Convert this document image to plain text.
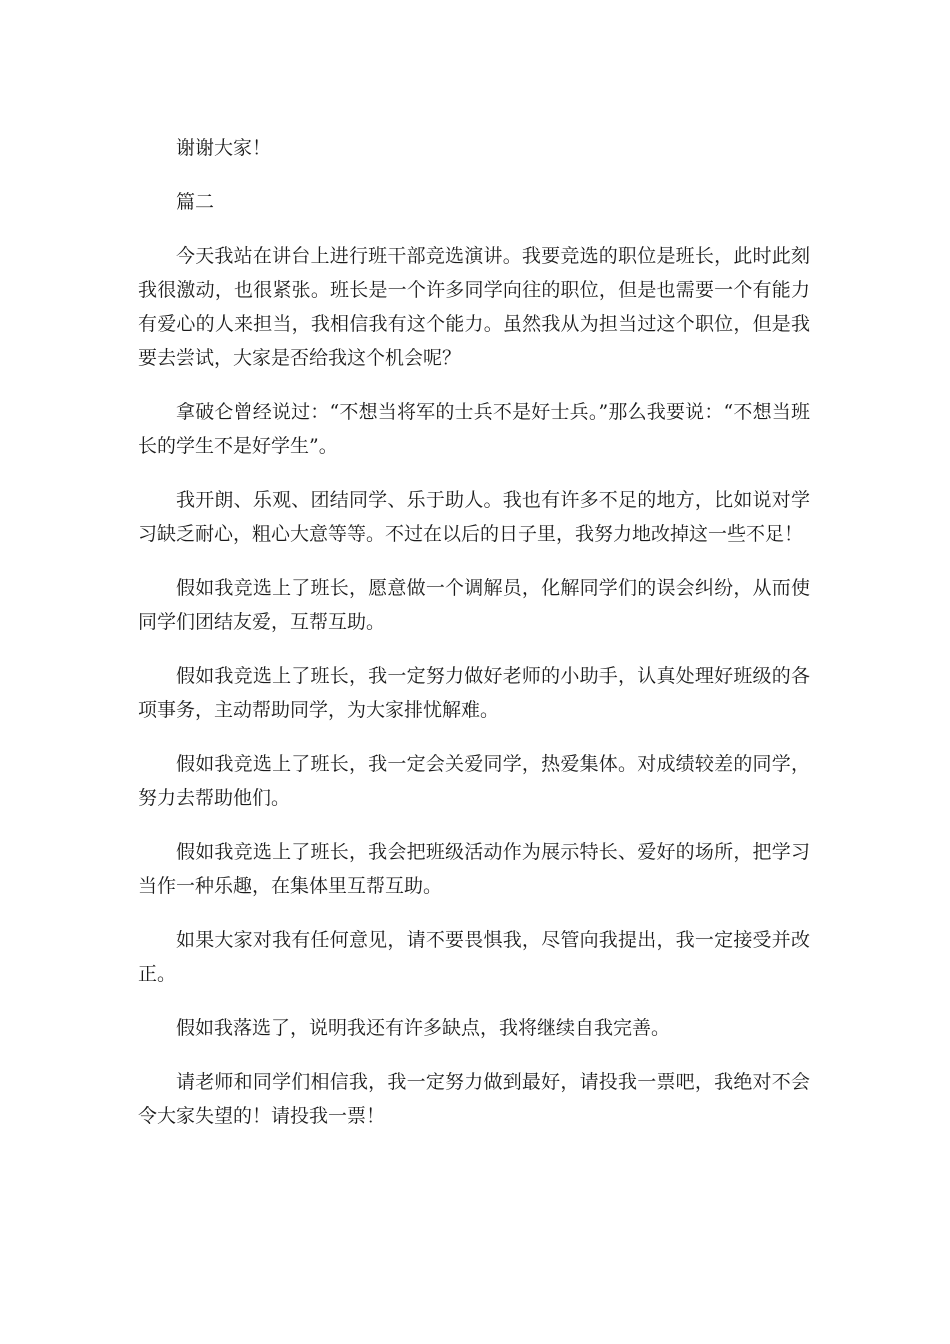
谢谢大家！

篇二

今天我站在讲台上进行班干部竞选演讲。我要竞选的职位是班长，此时此刻我很激动，也很紧张。班长是一个许多同学向往的职位，但是也需要一个有能力有爱心的人来担当，我相信我有这个能力。虽然我从为担当过这个职位，但是我要去尝试，大家是否给我这个机会呢？

拿破仑曾经说过：“不想当将军的士兵不是好士兵。”那么我要说：“不想当班长的学生不是好学生”。

我开朗、乐观、团结同学、乐于助人。我也有许多不足的地方，比如说对学习缺乏耐心，粗心大意等等。不过在以后的日子里，我努力地改掉这一些不足！

假如我竞选上了班长，愿意做一个调解员，化解同学们的误会纠纷，从而使同学们团结友爱，互帮互助。

假如我竞选上了班长，我一定努力做好老师的小助手，认真处理好班级的各项事务，主动帮助同学，为大家排忧解难。

假如我竞选上了班长，我一定会关爱同学，热爱集体。对成绩较差的同学，努力去帮助他们。

假如我竞选上了班长，我会把班级活动作为展示特长、爱好的场所，把学习当作一种乐趣，在集体里互帮互助。

如果大家对我有任何意见，请不要畏惧我，尽管向我提出，我一定接受并改正。

假如我落选了，说明我还有许多缺点，我将继续自我完善。

请老师和同学们相信我，我一定努力做到最好，请投我一票吧，我绝对不会令大家失望的！请投我一票！
